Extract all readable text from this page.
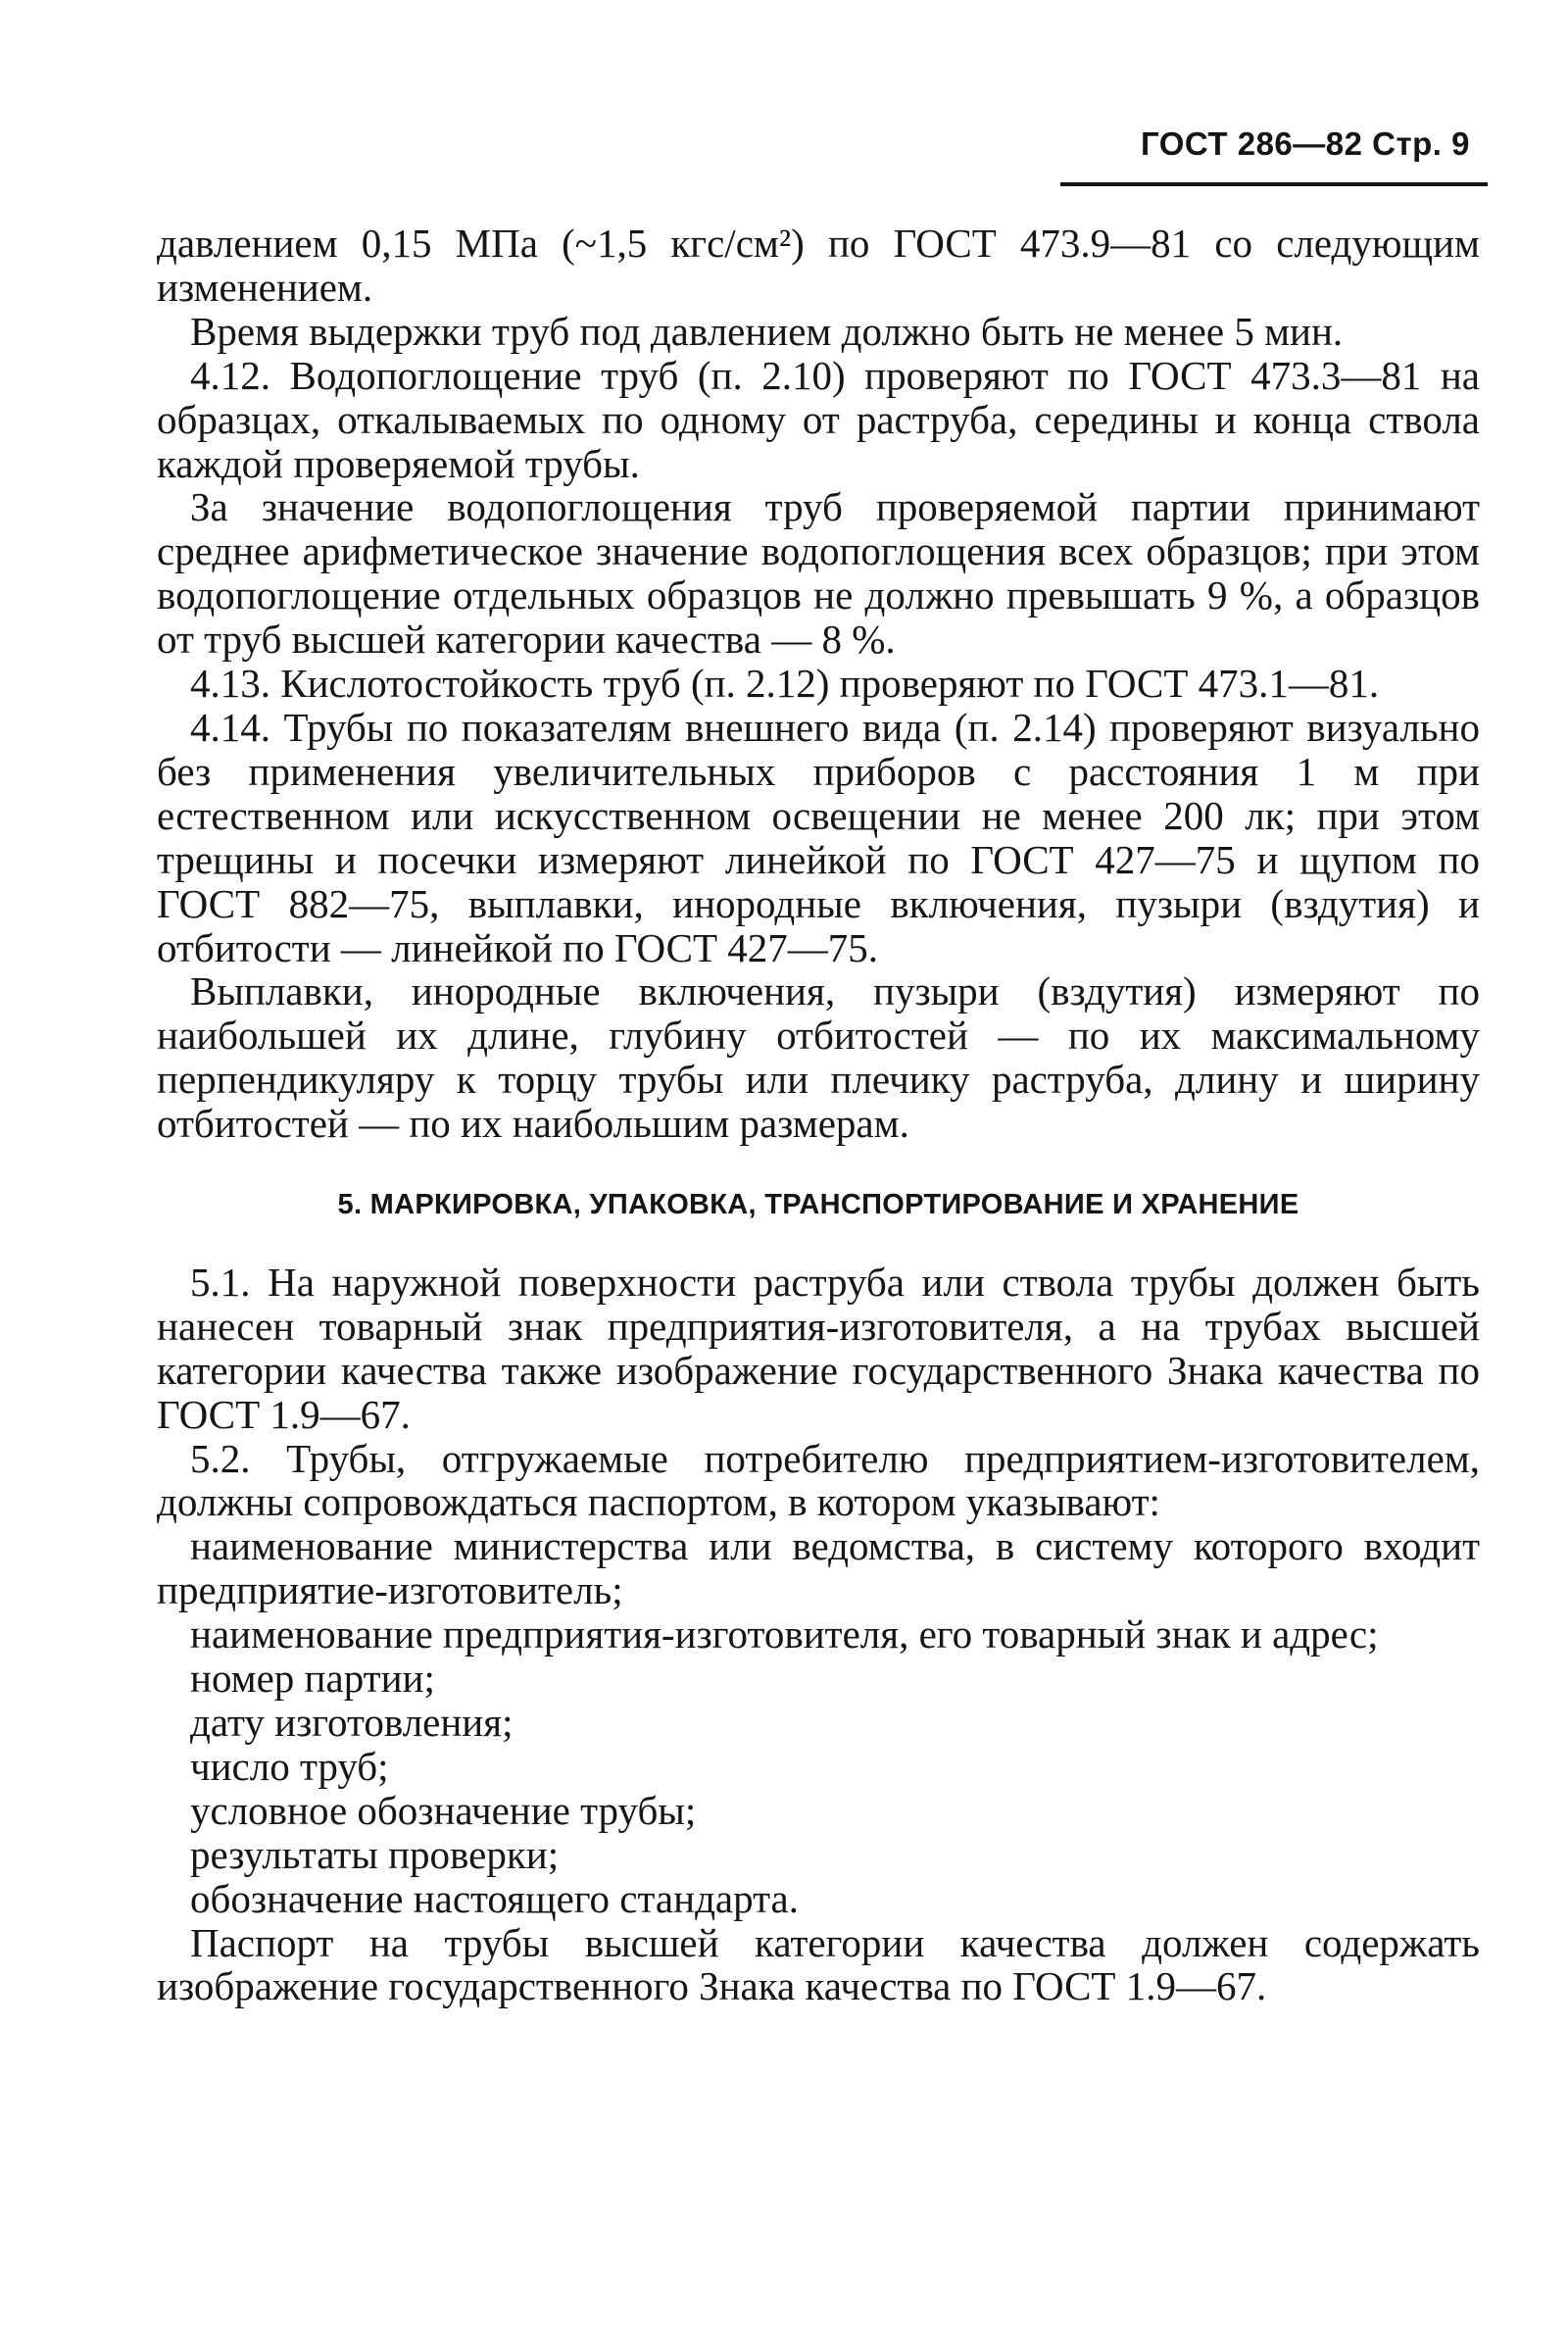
ГОСТ 286—82 Стр. 9

давлением 0,15 МПа (~1,5 кгс/см²) по ГОСТ 473.9—81 со следующим изменением.

Время выдержки труб под давлением должно быть не менее 5 мин.

4.12. Водопоглощение труб (п. 2.10) проверяют по ГОСТ 473.3—81 на образцах, откалываемых по одному от раструба, середины и конца ствола каждой проверяемой трубы.

За значение водопоглощения труб проверяемой партии принимают среднее арифметическое значение водопоглощения всех образцов; при этом водопоглощение отдельных образцов не должно превышать 9 %, а образцов от труб высшей категории качества — 8 %.

4.13. Кислотостойкость труб (п. 2.12) проверяют по ГОСТ 473.1—81.

4.14. Трубы по показателям внешнего вида (п. 2.14) проверяют визуально без применения увеличительных приборов с расстояния 1 м при естественном или искусственном освещении не менее 200 лк; при этом трещины и посечки измеряют линейкой по ГОСТ 427—75 и щупом по ГОСТ 882—75, выплавки, инородные включения, пузыри (вздутия) и отбитости — линейкой по ГОСТ 427—75.

Выплавки, инородные включения, пузыри (вздутия) измеряют по наибольшей их длине, глубину отбитостей — по их максимальному перпендикуляру к торцу трубы или плечику раструба, длину и ширину отбитостей — по их наибольшим размерам.

5. МАРКИРОВКА, УПАКОВКА, ТРАНСПОРТИРОВАНИЕ И ХРАНЕНИЕ

5.1. На наружной поверхности раструба или ствола трубы должен быть нанесен товарный знак предприятия-изготовителя, а на трубах высшей категории качества также изображение государственного Знака качества по ГОСТ 1.9—67.

5.2. Трубы, отгружаемые потребителю предприятием-изготовителем, должны сопровождаться паспортом, в котором указывают:

наименование министерства или ведомства, в систему которого входит предприятие-изготовитель;

наименование предприятия-изготовителя, его товарный знак и адрес;

номер партии;

дату изготовления;

число труб;

условное обозначение трубы;

результаты проверки;

обозначение настоящего стандарта.

Паспорт на трубы высшей категории качества должен содержать изображение государственного Знака качества по ГОСТ 1.9—67.
